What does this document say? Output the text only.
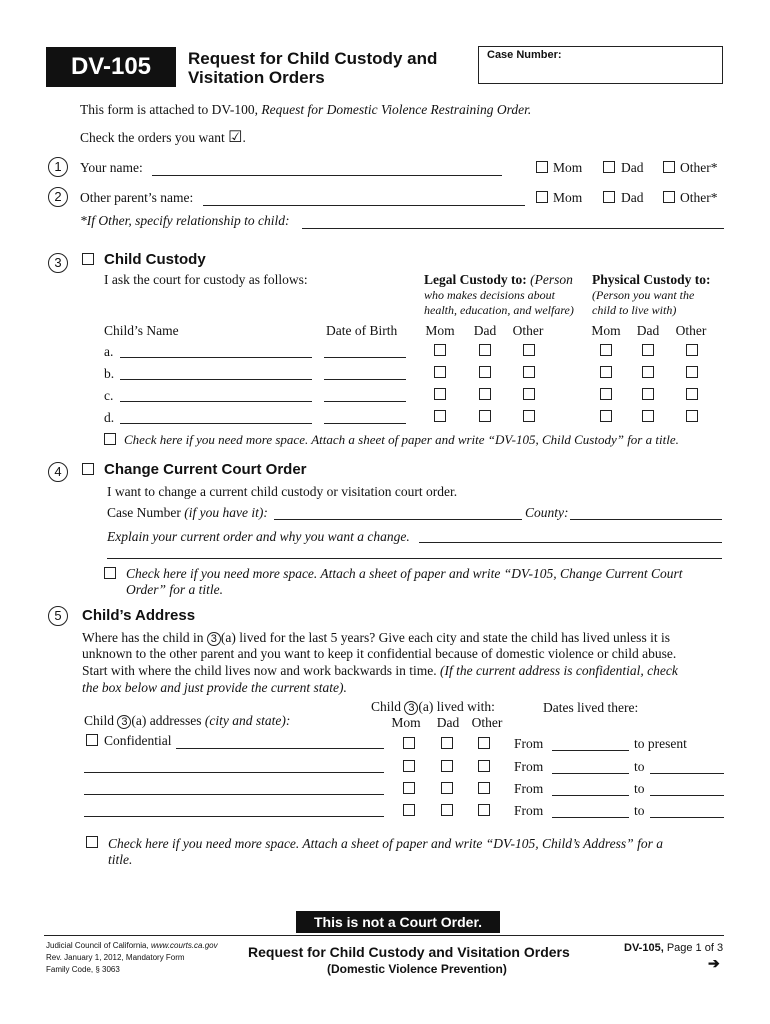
DV-105	Request for Child Custody and
Visitation Orders
Case Number:
This form is attached to DV-100, Request for Domestic Violence Restraining Order.
Check the orders you want ☑.
1	Your name:	Mom	Dad	Other*
2	Other parent’s name:	Mom	Dad	Other*
*If Other, specify relationship to child:
3	Child Custody
I ask the court for custody as follows:	Legal Custody to: (Person
who makes decisions about
health, education, and welfare)
Physical Custody to:
(Person you want the
child to live with)
Child’s Name	Date of Birth	Mom	Dad	Other	Mom	Dad	Other
a.
b.
c.
d.
Check here if you need more space. Attach a sheet of paper and write “DV-105, Child Custody” for a title.
4	Change Current Court Order
I want to change a current child custody or visitation court order.
Case Number (if you have it):	County:
Explain your current order and why you want a change.
Check here if you need more space. Attach a sheet of paper and write “DV-105, Change Current Court
Order” for a title.
5	Child’s Address
Where has the child in 3 (a) lived for the last 5 years? Give each city and state the child has lived unless it is
unknown to the other parent and you want to keep it confidential because of domestic violence or child abuse.
Start with where the child lives now and work backwards in time. (If the current address is confidential, check
the box below and just provide the current state).
Child 3 (a) lived with:
Mom	Dad Other
Dates lived there:
Child 3 (a) addresses (city and state):
Confidential	From	to present
From	to
From	to
From	to
Check here if you need more space. Attach a sheet of paper and write “DV-105, Child’s Address” for a
title.
This is not a Court Order.
Judicial Council of California, www.courts.ca.gov
Rev. January 1, 2012, Mandatory Form
Family Code, § 3063
Request for Child Custody and Visitation Orders
(Domestic Violence Prevention)
DV-105, Page 1 of 3
➔
